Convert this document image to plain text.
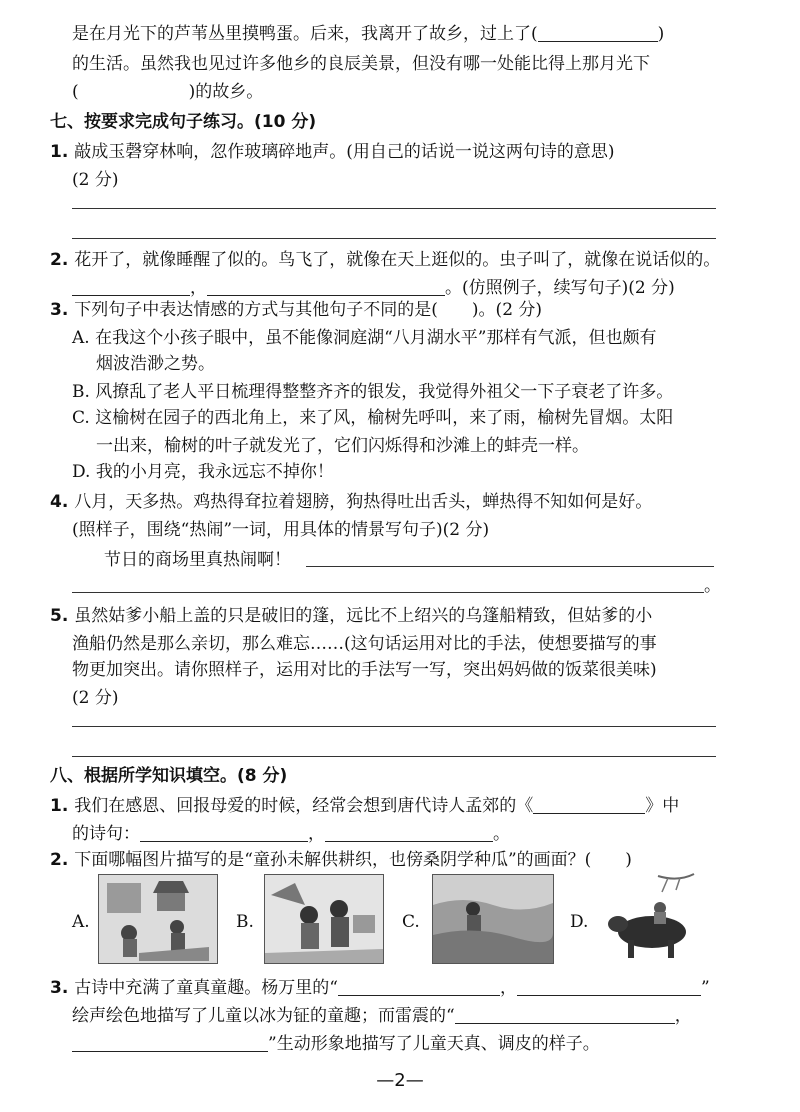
是在月光下的芦苇丛里摸鸭蛋。后来，我离开了故乡，过上了(	)
的生活。虽然我也见过许多他乡的良辰美景，但没有哪一处能比得上那月光下
(	)的故乡。
七、按要求完成句子练习。(10 分)
1. 敲成玉磬穿林响，忽作玻璃碎地声。(用自己的话说一说这两句诗的意思)
(2 分)
2. 花开了，就像睡醒了似的。鸟飞了，就像在天上逛似的。虫子叫了，就像在说话似的。
，	。(仿照例子，续写句子)(2 分)
3. 下列句子中表达情感的方式与其他句子不同的是(　　)。(2 分)
A. 在我这个小孩子眼中，虽不能像洞庭湖“八月湖水平”那样有气派，但也颇有
烟波浩渺之势。
B. 风撩乱了老人平日梳理得整整齐齐的银发，我觉得外祖父一下子衰老了许多。
C. 这榆树在园子的西北角上，来了风，榆树先呼叫，来了雨，榆树先冒烟。太阳
一出来，榆树的叶子就发光了，它们闪烁得和沙滩上的蚌壳一样。
D. 我的小月亮，我永远忘不掉你！
4. 八月，天多热。鸡热得耷拉着翅膀，狗热得吐出舌头，蝉热得不知如何是好。
(照样子，围绕“热闹”一词，用具体的情景写句子)(2 分)
节日的商场里真热闹啊！
。
5. 虽然姑爹小船上盖的只是破旧的篷，远比不上绍兴的乌篷船精致，但姑爹的小
渔船仍然是那么亲切，那么难忘……(这句话运用对比的手法，使想要描写的事
物更加突出。请你照样子，运用对比的手法写一写，突出妈妈做的饭菜很美味)
(2 分)
八、根据所学知识填空。(8 分)
1. 我们在感恩、回报母爱的时候，经常会想到唐代诗人孟郊的《	》中
的诗句：	，	。
2. 下面哪幅图片描写的是“童孙未解供耕织，也傍桑阴学种瓜”的画面？(　　)
A.	B.	C.	D.
3. 古诗中充满了童真童趣。杨万里的“	，	”
绘声绘色地描写了儿童以冰为钲的童趣；而雷震的“	，
”生动形象地描写了儿童天真、调皮的样子。
—2—
